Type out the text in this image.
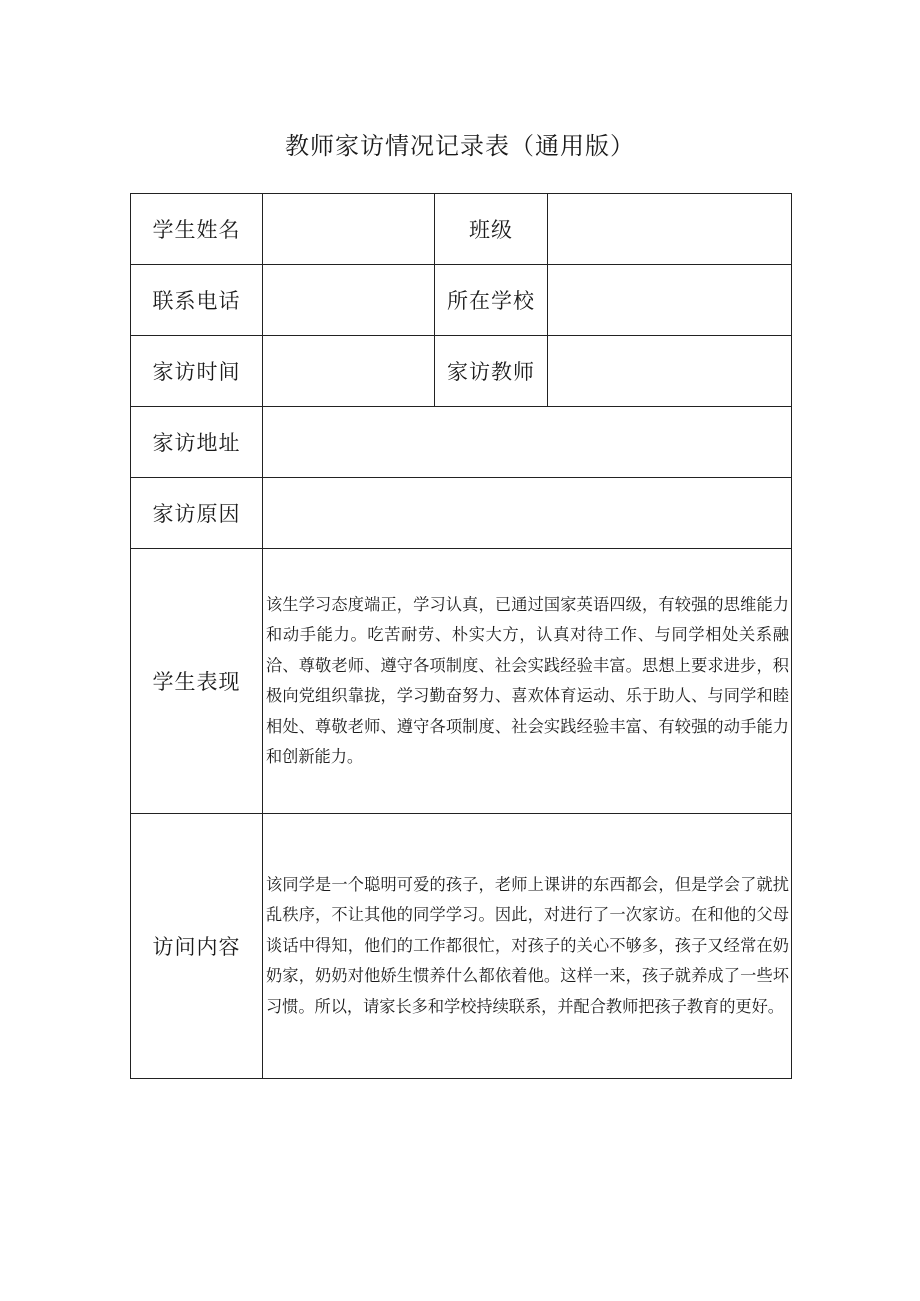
教师家访情况记录表（通用版）
学生姓名		班级	
联系电话		所在学校	
家访时间		家访教师	
家访地址			
家访原因			
学生表现	该生学习态度端正，学习认真，已通过国家英语四级，有较强的思维能力和动手能力。吃苦耐劳、朴实大方，认真对待工作、与同学相处关系融洽、尊敬老师、遵守各项制度、社会实践经验丰富。思想上要求进步，积极向党组织靠拢，学习勤奋努力、喜欢体育运动、乐于助人、与同学和睦相处、尊敬老师、遵守各项制度、社会实践经验丰富、有较强的动手能力和创新能力。		
访问内容	该同学是一个聪明可爱的孩子，老师上课讲的东西都会，但是学会了就扰乱秩序，不让其他的同学学习。因此，对进行了一次家访。在和他的父母谈话中得知，他们的工作都很忙，对孩子的关心不够多，孩子又经常在奶奶家，奶奶对他娇生惯养什么都依着他。这样一来，孩子就养成了一些坏习惯。所以，请家长多和学校持续联系，并配合教师把孩子教育的更好。		
